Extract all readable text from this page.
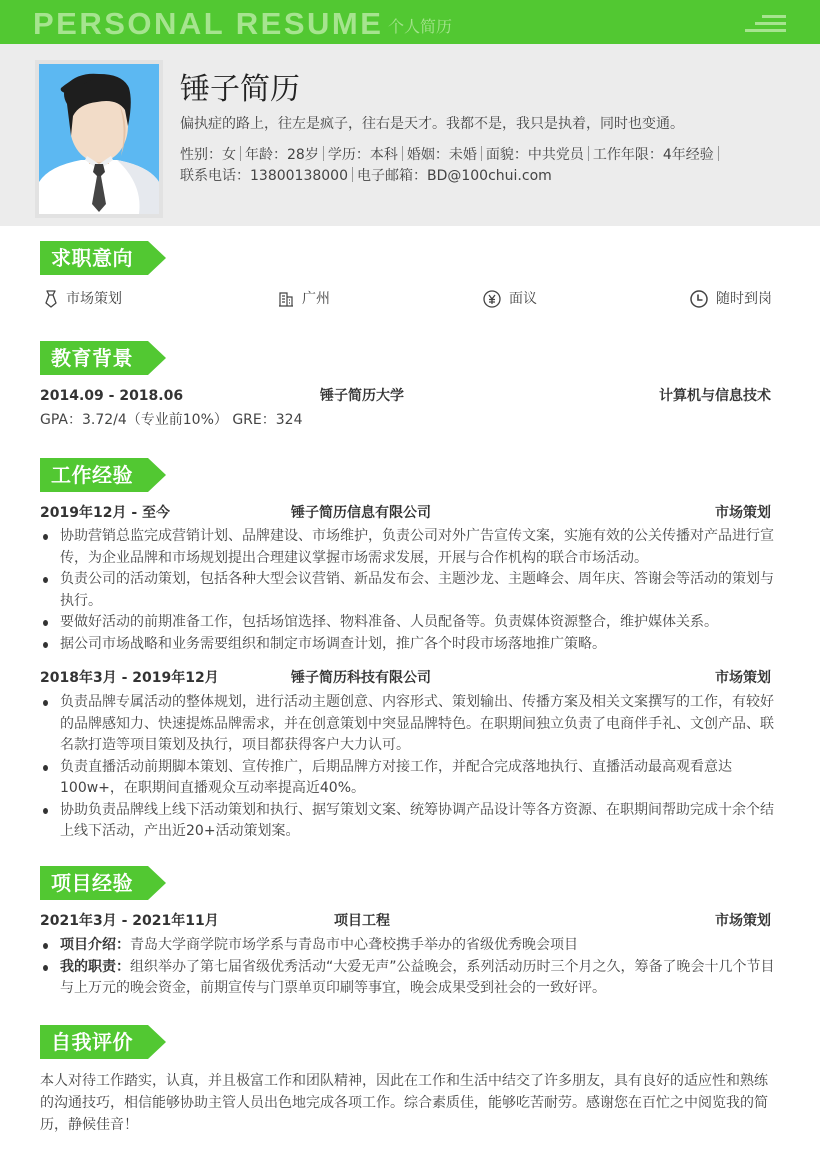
PERSONAL RESUME 个人简历
锤子简历
偏执症的路上，往左是疯子，往右是天才。我都不是，我只是执着，同时也变通。
性别：女 年龄：28岁 学历：本科 婚姻：未婚 面貌：中共党员 工作年限：4年经验
联系电话：13800138000 电子邮箱：BD@100chui.com
求职意向
市场策划	广州	面议	随时到岗
教育背景
2014.09 - 2018.06	锤子简历大学	计算机与信息技术
GPA：3.72/4（专业前10%） GRE：324
工作经验
2019年12月 - 至今	锤子简历信息有限公司	市场策划
协助营销总监完成营销计划、品牌建设、市场维护，负责公司对外广告宣传文案，实施有效的公关传播对产品进行宣传，为企业品牌和市场规划提出合理建议掌握市场需求发展，开展与合作机构的联合市场活动。
负责公司的活动策划，包括各种大型会议营销、新品发布会、主题沙龙、主题峰会、周年庆、答谢会等活动的策划与执行。
要做好活动的前期准备工作，包括场馆选择、物料准备、人员配备等。负责媒体资源整合，维护媒体关系。
据公司市场战略和业务需要组织和制定市场调查计划，推广各个时段市场落地推广策略。
2018年3月 - 2019年12月	锤子简历科技有限公司	市场策划
负责品牌专属活动的整体规划，进行活动主题创意、内容形式、策划输出、传播方案及相关文案撰写的工作，有较好的品牌感知力、快速提炼品牌需求，并在创意策划中突显品牌特色。在职期间独立负责了电商伴手礼、文创产品、联名款打造等项目策划及执行，项目都获得客户大力认可。
负责直播活动前期脚本策划、宣传推广，后期品牌方对接工作，并配合完成落地执行、直播活动最高观看意达　100w+，在职期间直播观众互动率提高近40%。
协助负责品牌线上线下活动策划和执行、据写策划文案、统筹协调产品设计等各方资源、在职期间帮助完成十余个结上线下活动，产出近20+活动策划案。
项目经验
2021年3月 - 2021年11月	项目工程	市场策划
项目介绍：青岛大学商学院市场学系与青岛市中心聋校携手举办的省级优秀晚会项目
我的职责：组织举办了第七届省级优秀活动“大爱无声”公益晚会，系列活动历时三个月之久，筹备了晚会十几个节目与上万元的晚会资金，前期宣传与门票单页印刷等事宜，晚会成果受到社会的一致好评。
自我评价
本人对待工作踏实，认真，并且极富工作和团队精神，因此在工作和生活中结交了许多朋友，具有良好的适应性和熟练的沟通技巧，相信能够协助主管人员出色地完成各项工作。综合素质佳，能够吃苦耐劳。感谢您在百忙之中阅览我的简历，静候佳音！
